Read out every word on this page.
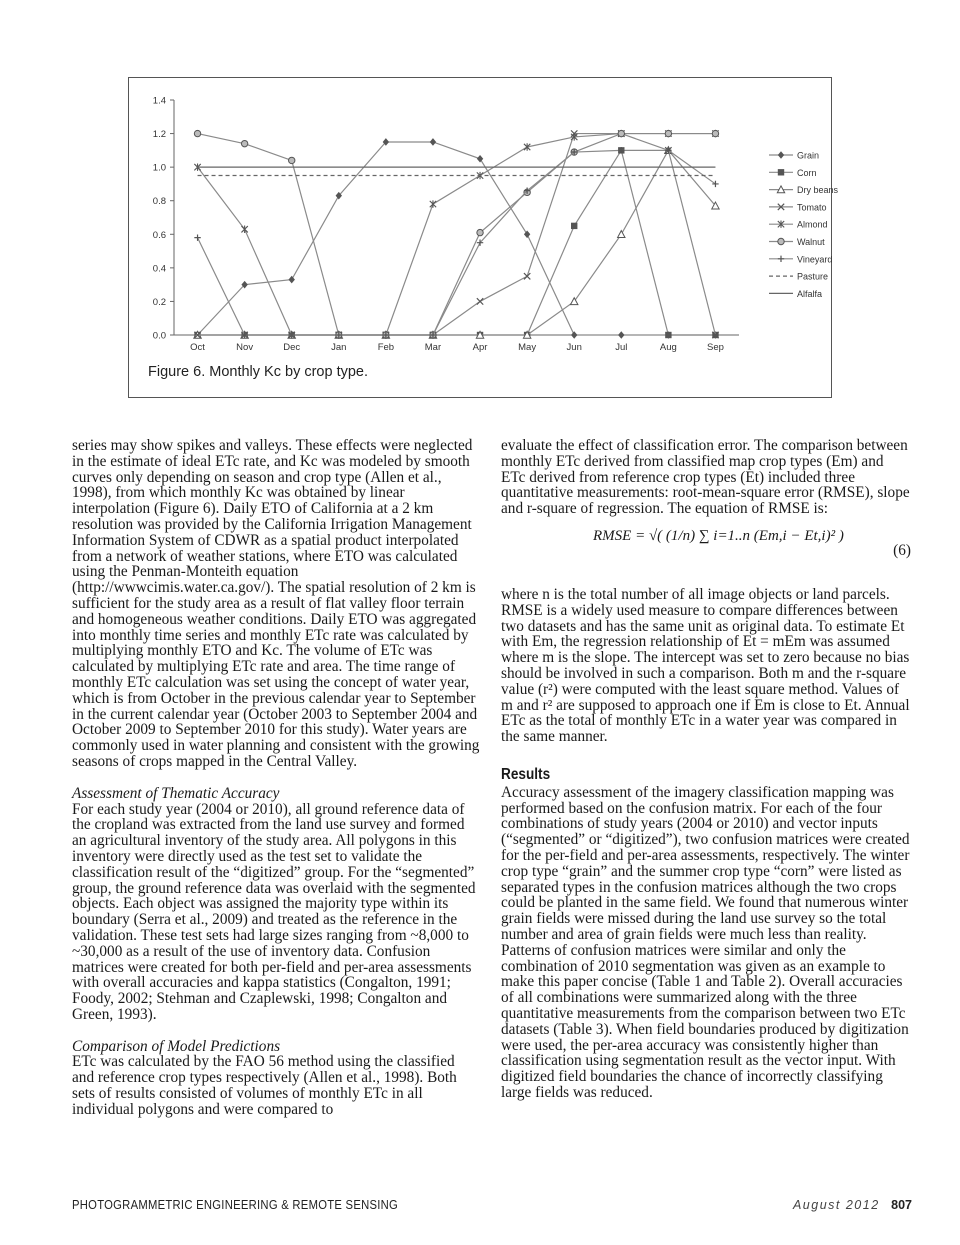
0.0
0.2
0.4
0.6
0.8
1.0
1.2
1.4
Oct	Nov	Dec	Jan	Feb	Mar	Apr	May	Jun	Jul	Aug	Sep
Grain
Corn
Dry beans
Tomato
Almond
Walnut
Vineyard
Pasture
Alfalfa
Figure 6. Monthly Kc by crop type.

series may show spikes and valleys. These effects were neglected in the estimate of ideal ETc rate, and Kc was modeled by smooth curves only depending on season and crop type (Allen et al., 1998), from which monthly Kc was obtained by linear interpolation (Figure 6). Daily ETO of California at a 2 km resolution was provided by the California Irrigation Management Information System of CDWR as a spatial product interpolated from a network of weather stations, where ETO was calculated using the Penman-Monteith equation (http://wwwcimis.water.ca.gov/). The spatial resolution of 2 km is sufficient for the study area as a result of flat valley floor terrain and homogeneous weather conditions. Daily ETO was aggregated into monthly time series and monthly ETc rate was calculated by multiplying monthly ETO and Kc. The volume of ETc was calculated by multiplying ETc rate and area. The time range of monthly ETc calculation was set using the concept of water year, which is from October in the previous calendar year to September in the current calendar year (October 2003 to September 2004 and October 2009 to September 2010 for this study). Water years are commonly used in water planning and consistent with the growing seasons of crops mapped in the Central Valley.

Assessment of Thematic Accuracy

For each study year (2004 or 2010), all ground reference data of the cropland was extracted from the land use survey and formed an agricultural inventory of the study area. All polygons in this inventory were directly used as the test set to validate the classification result of the “digitized” group. For the “segmented” group, the ground reference data was overlaid with the segmented objects. Each object was assigned the majority type within its boundary (Serra et al., 2009) and treated as the reference in the validation. These test sets had large sizes ranging from ~8,000 to ~30,000 as a result of the use of inventory data. Confusion matrices were created for both per-field and per-area assessments with overall accuracies and kappa statistics (Congalton, 1991; Foody, 2002; Stehman and Czaplewski, 1998; Congalton and Green, 1993).

Comparison of Model Predictions

ETc was calculated by the FAO 56 method using the classified and reference crop types respectively (Allen et al., 1998). Both sets of results consisted of volumes of monthly ETc in all individual polygons and were compared to

evaluate the effect of classification error. The comparison between monthly ETc derived from classified map crop types (Em) and ETc derived from reference crop types (Et) included three quantitative measurements: root-mean-square error (RMSE), slope and r-square of regression. The equation of RMSE is:

RMSE = √( (1/n) ∑ i=1..n (Em,i − Et,i)² )
(6)

where n is the total number of all image objects or land parcels. RMSE is a widely used measure to compare differences between two datasets and has the same unit as original data. To estimate Et with Em, the regression relationship of Et = mEm was assumed where m is the slope. The intercept was set to zero because no bias should be involved in such a comparison. Both m and the r-square value (r²) were computed with the least square method. Values of m and r² are supposed to approach one if Em is close to Et. Annual ETc as the total of monthly ETc in a water year was compared in the same manner.

Results

Accuracy assessment of the imagery classification mapping was performed based on the confusion matrix. For each of the four combinations of study years (2004 or 2010) and vector inputs (“segmented” or “digitized”), two confusion matrices were created for the per-field and per-area assessments, respectively. The winter crop type “grain” and the summer crop type “corn” were listed as separated types in the confusion matrices although the two crops could be planted in the same field. We found that numerous winter grain fields were missed during the land use survey so the total number and area of grain fields were much less than reality. Patterns of confusion matrices were similar and only the combination of 2010 segmentation was given as an example to make this paper concise (Table 1 and Table 2). Overall accuracies of all combinations were summarized along with the three quantitative measurements from the comparison between two ETc datasets (Table 3). When field boundaries produced by digitization were used, the per-area accuracy was consistently higher than classification using segmentation result as the vector input. With digitized field boundaries the chance of incorrectly classifying large fields was reduced.

PHOTOGRAMMETRIC ENGINEERING & REMOTE SENSING	August 2012 807
